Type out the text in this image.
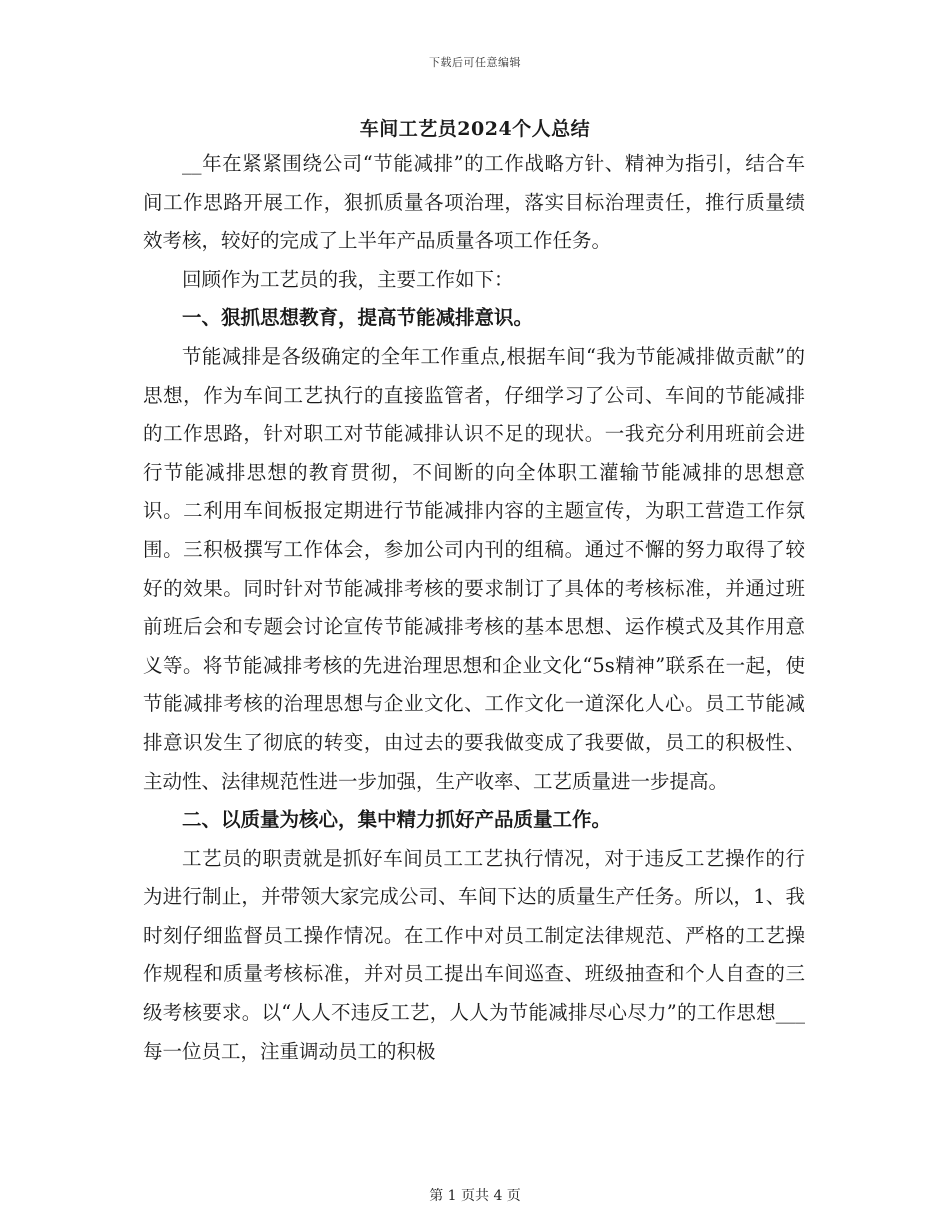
下载后可任意编辑
车间工艺员2024个人总结

__年在紧紧围绕公司“节能减排”的工作战略方针、精神为指引，结合车间工作思路开展工作，狠抓质量各项治理，落实目标治理责任，推行质量绩效考核，较好的完成了上半年产品质量各项工作任务。

回顾作为工艺员的我，主要工作如下：

一、狠抓思想教育，提高节能减排意识。

节能减排是各级确定的全年工作重点,根据车间“我为节能减排做贡献”的思想，作为车间工艺执行的直接监管者，仔细学习了公司、车间的节能减排的工作思路，针对职工对节能减排认识不足的现状。一我充分利用班前会进行节能减排思想的教育贯彻，不间断的向全体职工灌输节能减排的思想意识。二利用车间板报定期进行节能减排内容的主题宣传，为职工营造工作氛围。三积极撰写工作体会，参加公司内刊的组稿。通过不懈的努力取得了较好的效果。同时针对节能减排考核的要求制订了具体的考核标准，并通过班前班后会和专题会讨论宣传节能减排考核的基本思想、运作模式及其作用意义等。将节能减排考核的先进治理思想和企业文化“5s精神”联系在一起，使节能减排考核的治理思想与企业文化、工作文化一道深化人心。员工节能减排意识发生了彻底的转变，由过去的要我做变成了我要做，员工的积极性、主动性、法律规范性进一步加强，生产收率、工艺质量进一步提高。

二、以质量为核心，集中精力抓好产品质量工作。

工艺员的职责就是抓好车间员工工艺执行情况，对于违反工艺操作的行为进行制止，并带领大家完成公司、车间下达的质量生产任务。所以，1、我时刻仔细监督员工操作情况。在工作中对员工制定法律规范、严格的工艺操作规程和质量考核标准，并对员工提出车间巡查、班级抽查和个人自查的三级考核要求。以“人人不违反工艺，人人为节能减排尽心尽力”的工作思想___每一位员工，注重调动员工的积极

第 1 页共 4 页
